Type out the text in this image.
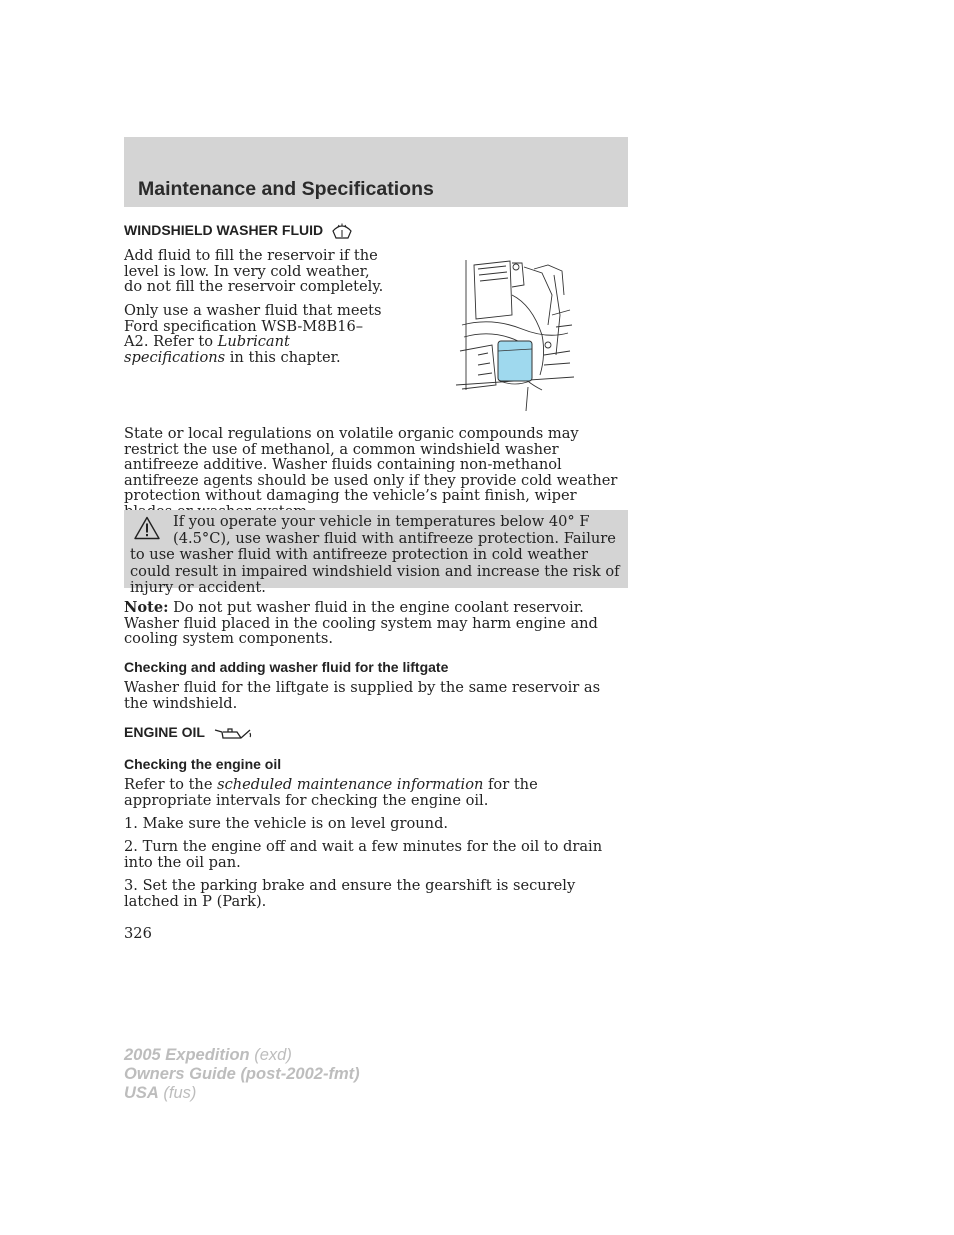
Maintenance and Specifications
WINDSHIELD WASHER FLUID

Add fluid to fill the reservoir if the level is low. In very cold weather, do not fill the reservoir completely.

Only use a washer fluid that meets Ford specification WSB-M8B16–A2. Refer to Lubricant specifications in this chapter.

State or local regulations on volatile organic compounds may restrict the use of methanol, a common windshield washer antifreeze additive. Washer fluids containing non-methanol antifreeze agents should be used only if they provide cold weather protection without damaging the vehicle’s paint finish, wiper

If you operate your vehicle in temperatures below 40° F (4.5°C), use washer fluid with antifreeze protection. Failure to use washer fluid with antifreeze protection in cold weather could result in impaired windshield vision and increase the risk of injury or accident.

Note: Do not put washer fluid in the engine coolant reservoir. Washer fluid placed in the cooling system may harm engine and cooling system components.

Checking and adding washer fluid for the liftgate

Washer fluid for the liftgate is supplied by the same reservoir as the windshield.

ENGINE OIL
Checking the engine oil

Refer to the scheduled maintenance information for the appropriate intervals for checking the engine oil.

1. Make sure the vehicle is on level ground.

2. Turn the engine off and wait a few minutes for the oil to drain into the oil pan.

3. Set the parking brake and ensure the gearshift is securely latched in P (Park).

326

2005 Expedition (exd)
Owners Guide (post-2002-fmt)
USA (fus)
